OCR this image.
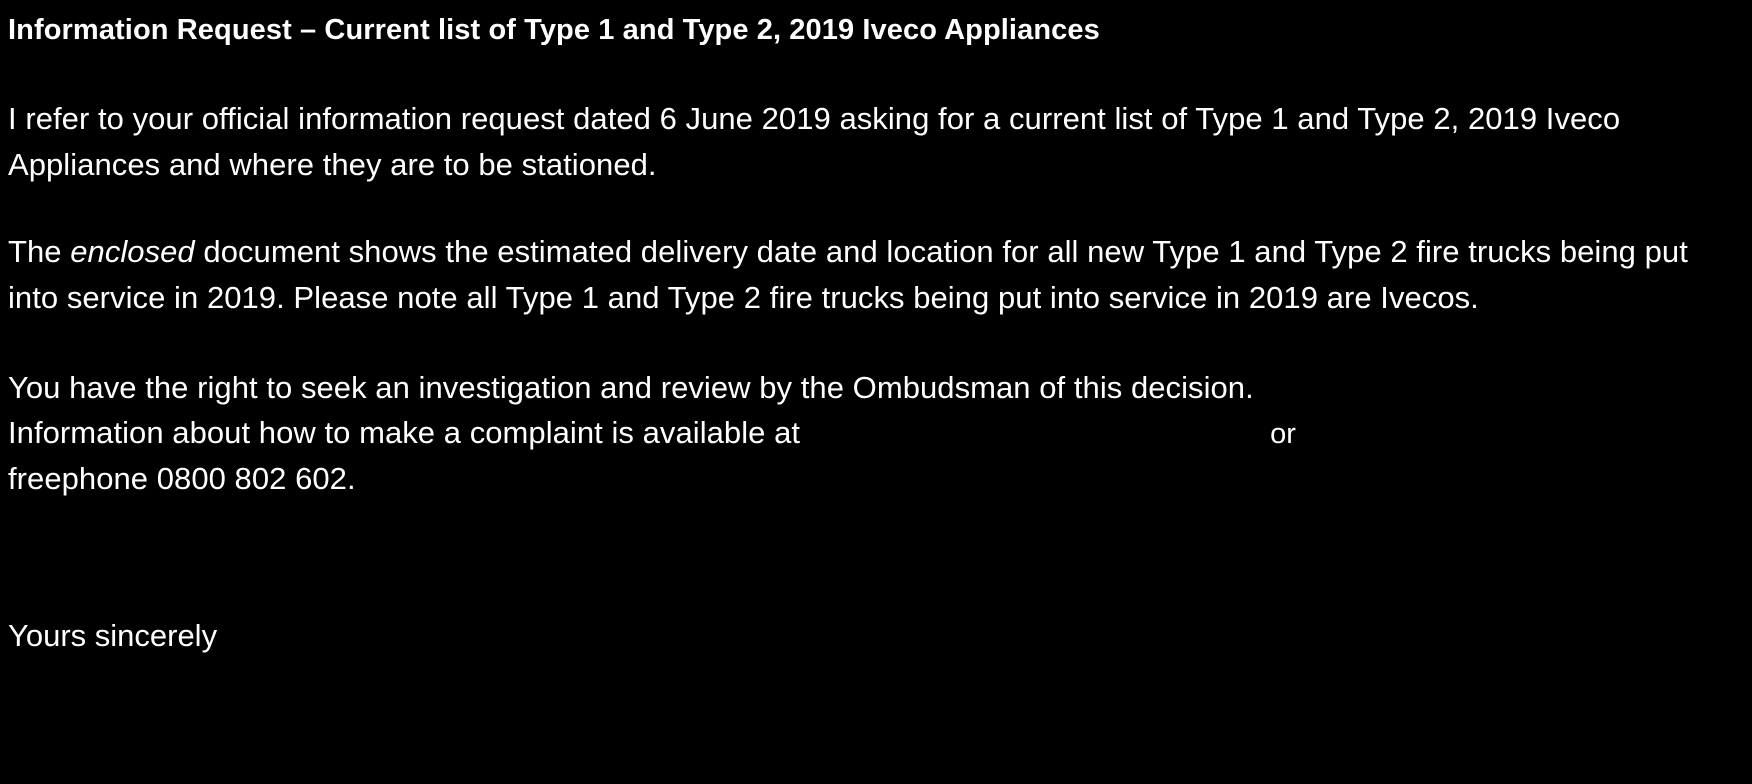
Information Request – Current list of Type 1 and Type 2, 2019 Iveco Appliances

I refer to your official information request dated 6 June 2019 asking for a current list of Type 1 and Type 2, 2019 Iveco Appliances and where they are to be stationed.

The enclosed document shows the estimated delivery date and location for all new Type 1 and Type 2 fire trucks being put into service in 2019. Please note all Type 1 and Type 2 fire trucks being put into service in 2019 are Ivecos.

You have the right to seek an investigation and review by the Ombudsman of this decision.
Information about how to make a complaint is available at	or
freephone 0800 802 602.

Yours sincerely
